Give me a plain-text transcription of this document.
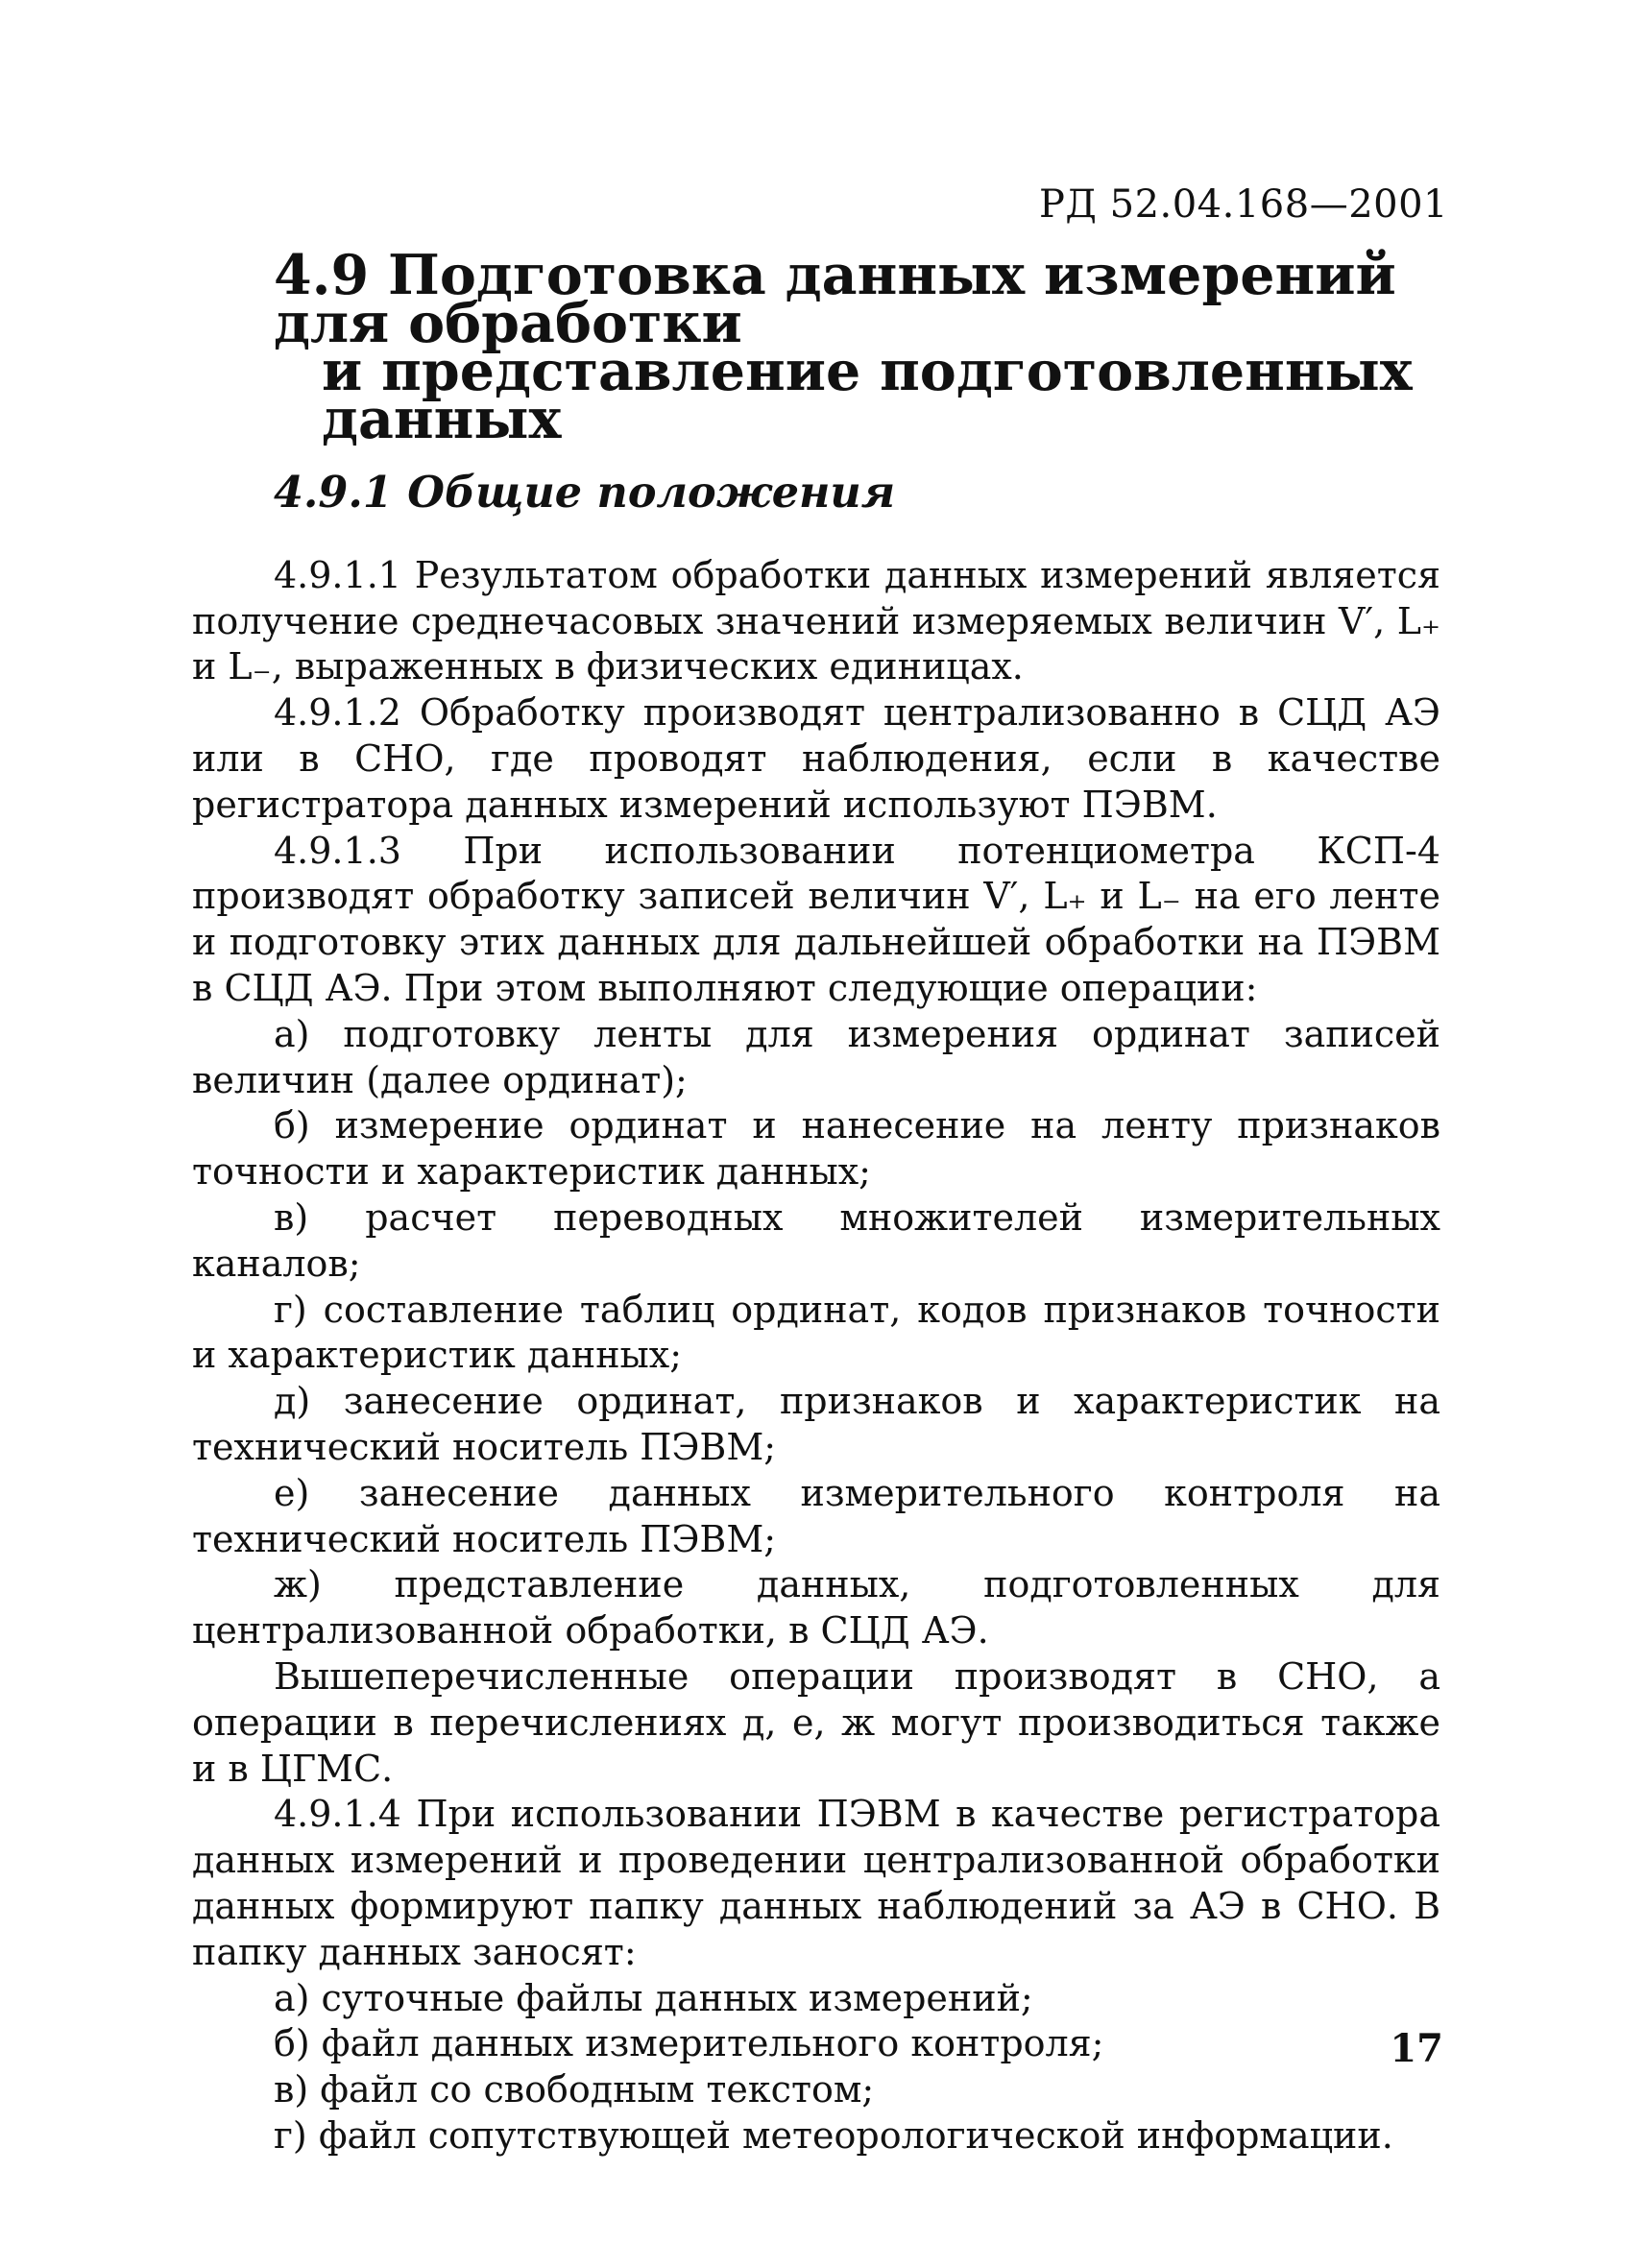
РД 52.04.168—2001
4.9 Подготовка данных измерений для обработки
и представление подготовленных данных
4.9.1 Общие положения

4.9.1.1 Результатом обработки данных измерений является получение среднечасовых значений измеряемых величин V′, L₊ и L₋, выраженных в физических единицах.

4.9.1.2 Обработку производят централизованно в СЦД АЭ или в СНО, где проводят наблюдения, если в качестве регистратора данных измерений используют ПЭВМ.

4.9.1.3 При использовании потенциометра КСП-4 производят обработку записей величин V′, L₊ и L₋ на его ленте и подготовку этих данных для дальнейшей обработки на ПЭВМ в СЦД АЭ. При этом выполняют следующие операции:

а) подготовку ленты для измерения ординат записей величин (далее ординат);

б) измерение ординат и нанесение на ленту признаков точности и характеристик данных;

в) расчет переводных множителей измерительных каналов;

г) составление таблиц ординат, кодов признаков точности и характеристик данных;

д) занесение ординат, признаков и характеристик на технический носитель ПЭВМ;

е) занесение данных измерительного контроля на технический носитель ПЭВМ;

ж) представление данных, подготовленных для централизованной обработки, в СЦД АЭ.

Вышеперечисленные операции производят в СНО, а операции в перечислениях д, е, ж могут производиться также и в ЦГМС.

4.9.1.4 При использовании ПЭВМ в качестве регистратора данных измерений и проведении централизованной обработки данных формируют папку данных наблюдений за АЭ в СНО. В папку данных заносят:

а) суточные файлы данных измерений;

б) файл данных измерительного контроля;

в) файл со свободным текстом;

г) файл сопутствующей метеорологической информации.

17
